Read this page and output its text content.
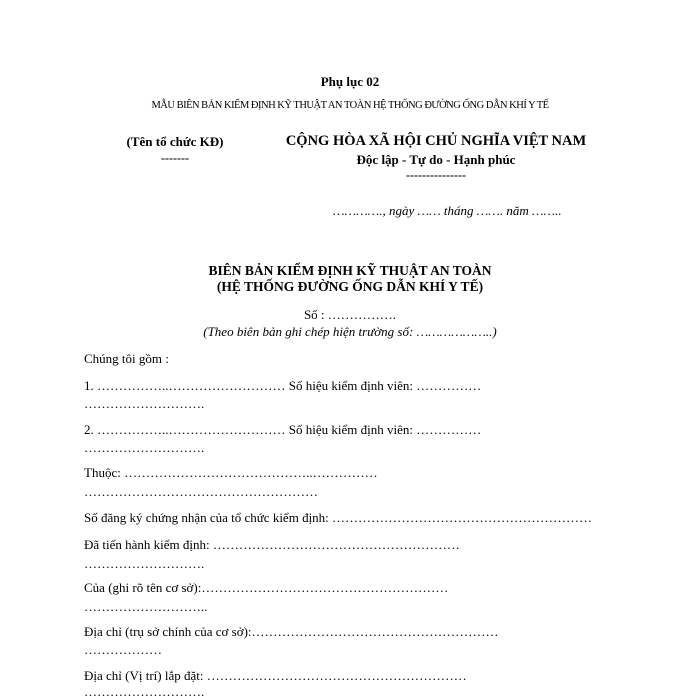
Phụ lục 02
MẪU BIÊN BẢN KIỂM ĐỊNH KỸ THUẬT AN TOÀN HỆ THỐNG ĐƯỜNG ỐNG DẪN KHÍ Y TẾ
(Tên tổ chức KĐ)
-------
CỘNG HÒA XÃ HỘI CHỦ NGHĨA VIỆT NAM
Độc lập - Tự do - Hạnh phúc
---------------
…………., ngày …… tháng ……. năm ……..
BIÊN BẢN KIỂM ĐỊNH KỸ THUẬT AN TOÀN
(HỆ THỐNG ĐƯỜNG ỐNG DẪN KHÍ Y TẾ)
Số : …………….
(Theo biên bản ghi chép hiện trường số: ………………..)
Chúng tôi gồm :
1. ……………..……………………… Số hiệu kiểm định viên: ……………
……………………….
2. ……………..……………………… Số hiệu kiểm định viên: ……………
……………………….
Thuộc: ……………………………………..……………
………………………………………………
Số đăng ký chứng nhận của tổ chức kiểm định: ……………………………………………………
Đã tiến hành kiểm định: …………………………………………………
……………………….
Của (ghi rõ tên cơ sở):…………………………………………………
………………………..
Địa chỉ (trụ sở chính của cơ sở):…………………………………………………
………………
Địa chỉ (Vị trí) lắp đặt: ……………………………………………………
……………………….
